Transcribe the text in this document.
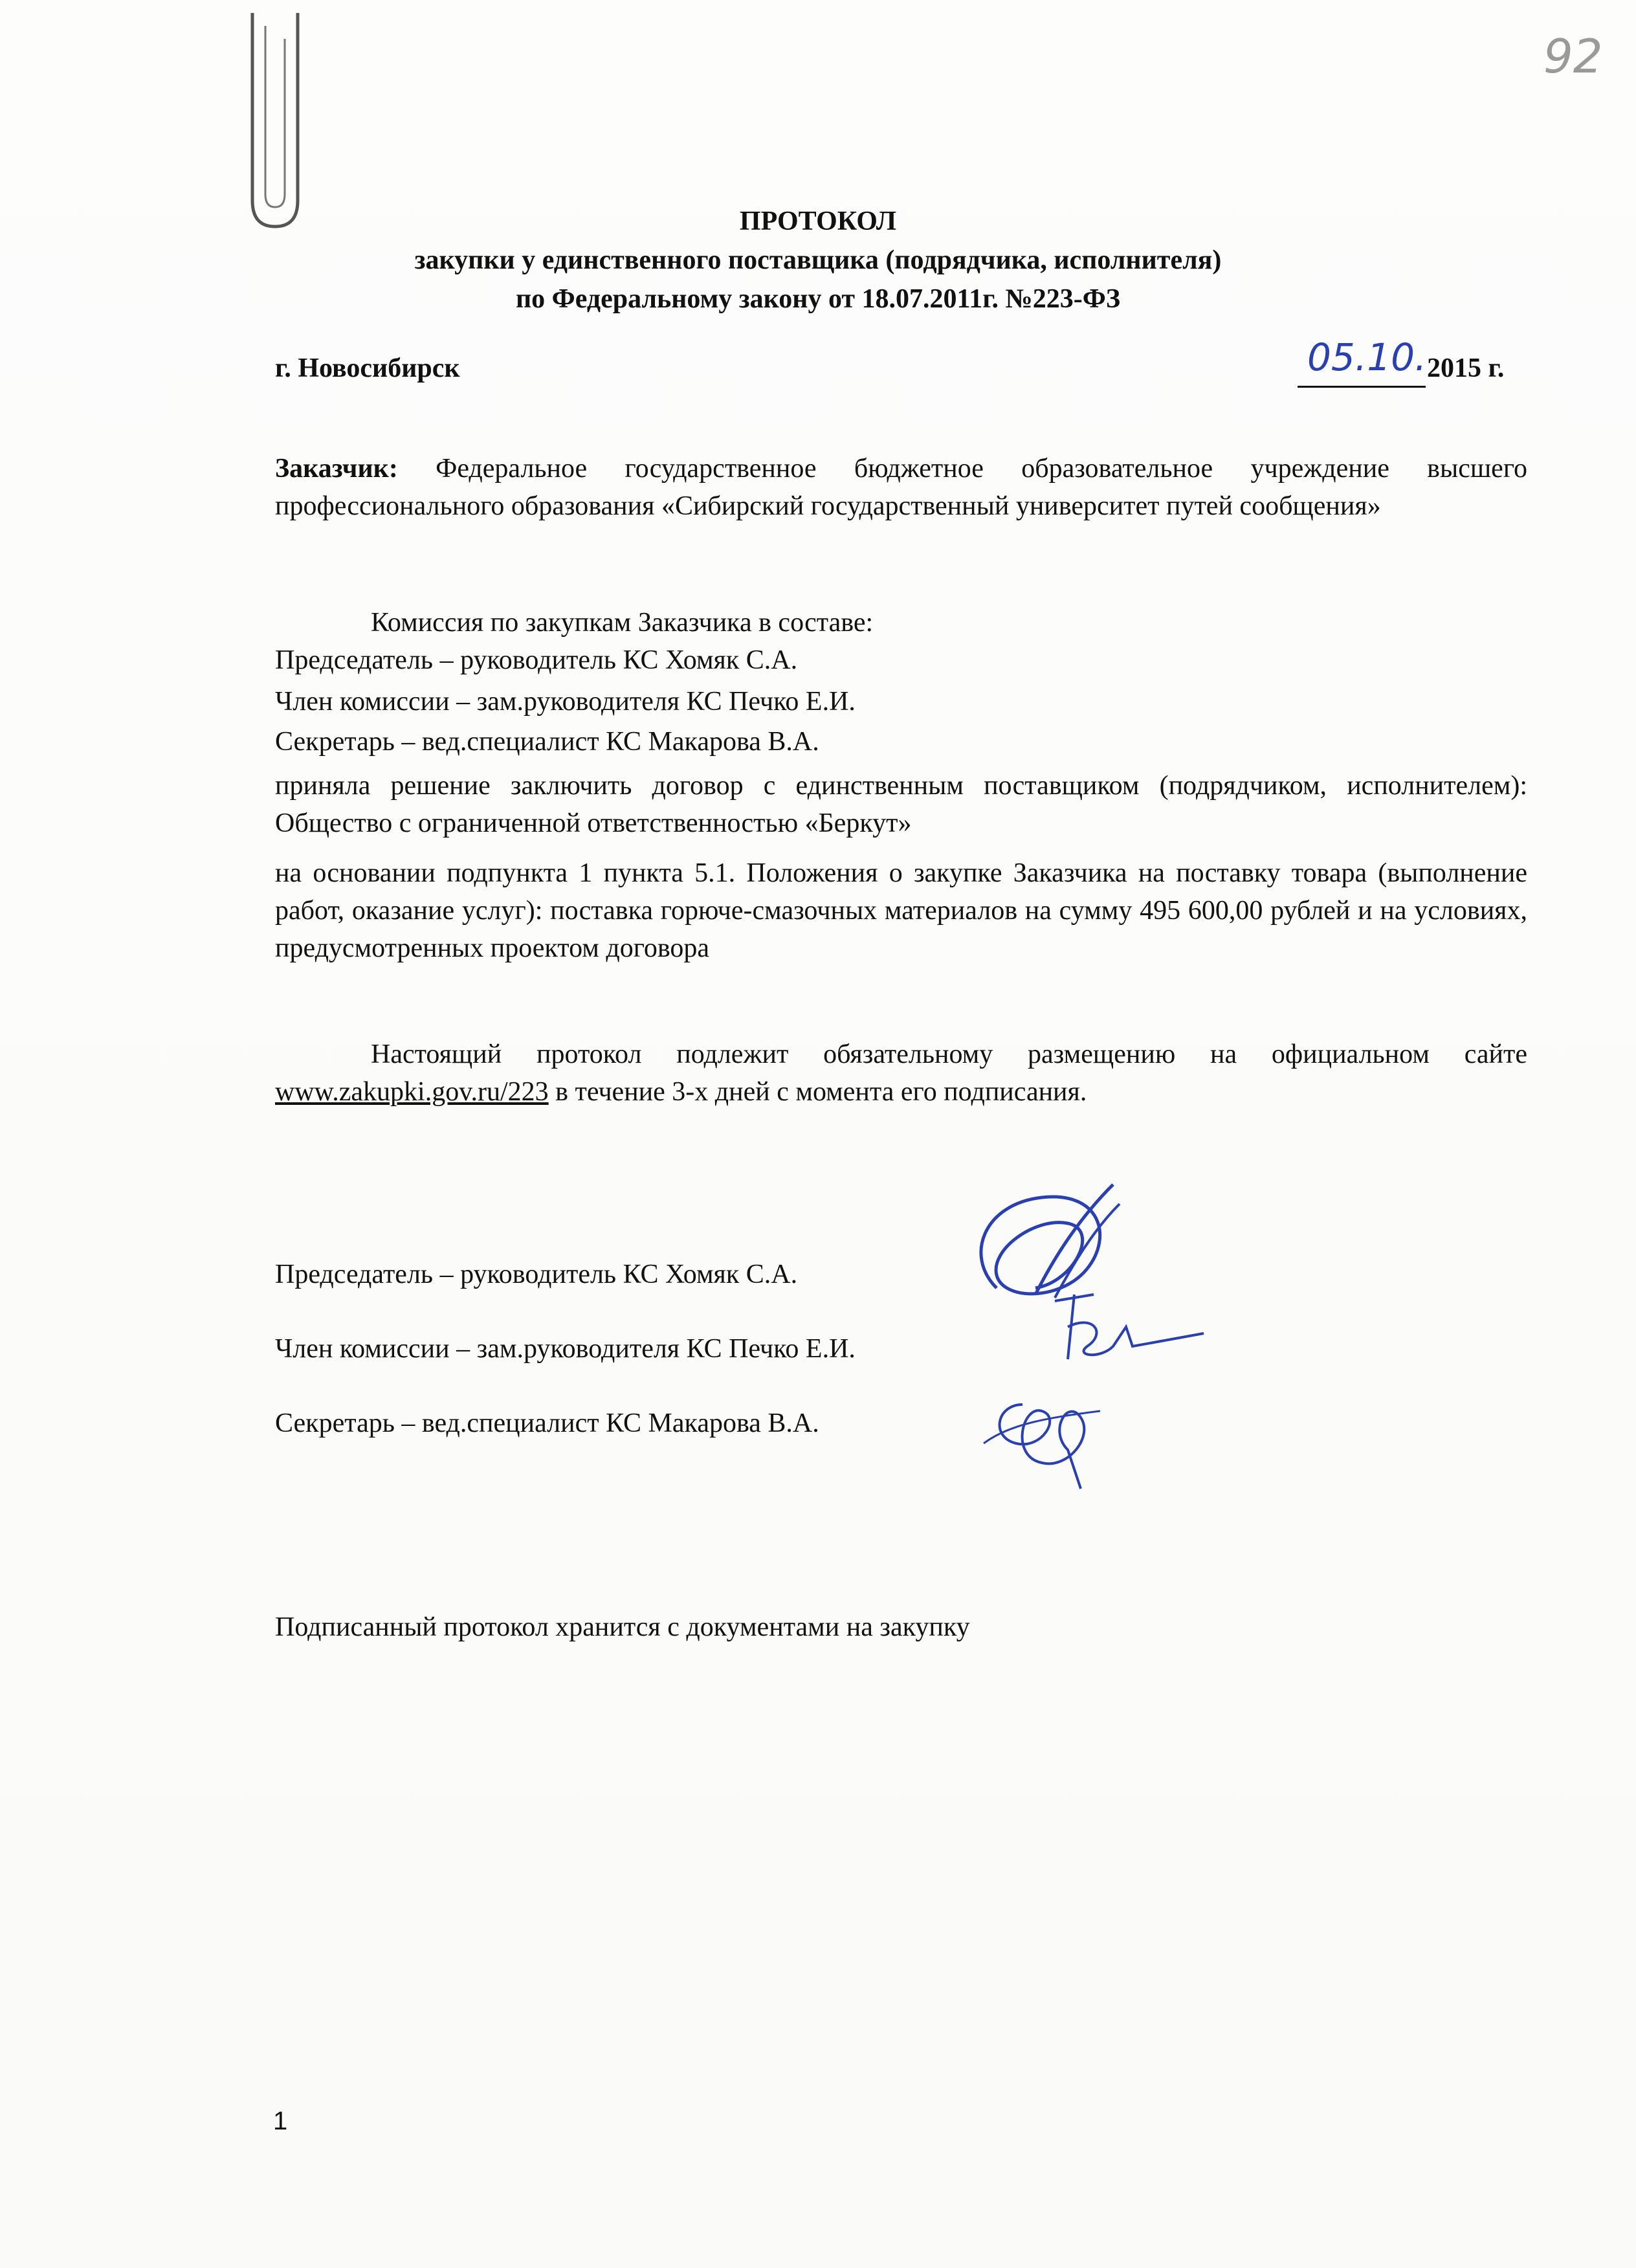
92
ПРОТОКОЛ
закупки у единственного поставщика (подрядчика, исполнителя)
по Федеральному закону от 18.07.2011г. №223-ФЗ
г. Новосибирск	05.10. 2015 г.
Заказчик: Федеральное государственное бюджетное образовательное учреждение высшего профессионального образования «Сибирский государственный университет путей сообщения»
Комиссия по закупкам Заказчика в составе:
Председатель – руководитель КС Хомяк С.А.
Член комиссии – зам.руководителя КС Печко Е.И.
Секретарь – вед.специалист КС Макарова В.А.
приняла решение заключить договор с единственным поставщиком (подрядчиком, исполнителем): Общество с ограниченной ответственностью «Беркут»
на основании подпункта 1 пункта 5.1. Положения о закупке Заказчика на поставку товара (выполнение работ, оказание услуг): поставка горюче-смазочных материалов на сумму 495 600,00 рублей и на условиях, предусмотренных проектом договора
Настоящий протокол подлежит обязательному размещению на официальном сайте www.zakupki.gov.ru/223 в течение 3-х дней с момента его подписания.
Председатель – руководитель КС Хомяк С.А.
Член комиссии – зам.руководителя КС Печко Е.И.
Секретарь – вед.специалист КС Макарова В.А.
Подписанный протокол хранится с документами на закупку
1
